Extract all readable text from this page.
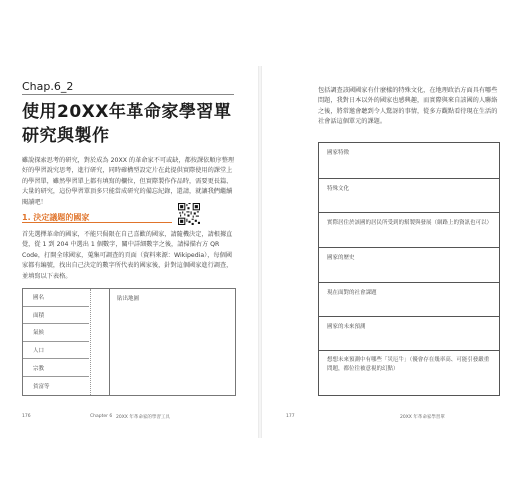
Chap.6_2
使用20XX年革命家學習單研究與製作
雖說探索思考的研究，對於成為 20XX 的革命家不可或缺，都按課依順序整理好的學習說究思考，進行研究，同時確構型設定片在此提供實際使用的課堂上的學習單，雖然學習單上都有填寫的欄位，但實際製作作品時，需要更長篇、大量的研究，這份學習單頂多只能當成研究的備忘紀錄，還請，就讓我們繼續閱讀吧！
1. 決定議題的國家
首先選擇革命的國家，不能只侷限在自己喜歡的國家，請隨機決定，請根據直覺，從 1 到 204 中選出 1 個數字，關中詳細數字之後，請掃描右方 QR Code，打開全球國家，蒐集可調查的頁面（資料來源：Wikipedia），每個國家都有編號，找出自己決定的數字所代表的國家後，針對這個國家進行調查，並填寫以下表格。
國名
面積
氣候
人口
宗教
貧富等
貼出地圖
176	Chapter 6 20XX 年革命家的學習工具
包括調查該國國家有什麼樣的特殊文化，在地理政治方面具有哪些問題，我對日本以外的國家也感興趣，而實際與來自該國的人聯絡之後，將常邀會聽到令人驚訝的事情，從多方觀點看待現在生活的社會話這個單元的課題。
國家特徵
特殊文化
實際居住於該國的居民所受到的幫製與發展（網路上的資訊也可以）
國家的歷史
現在面對的社會課題
國家的未來預測
想想未來預測中有哪些「災厄牛」（優會存在幾率高、可能引發嚴重問題，都位往被意視的幻點）
177	20XX 年革命家學習單
